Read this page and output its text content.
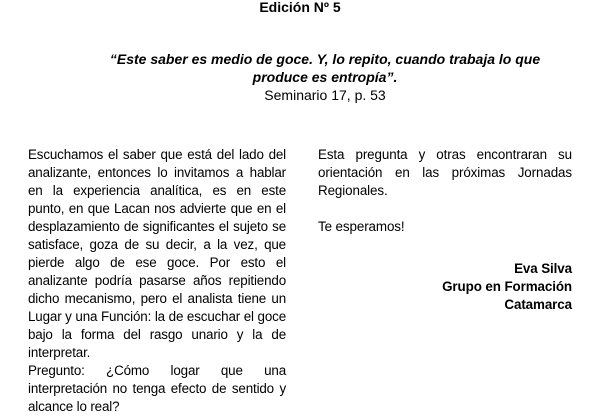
Edición Nº 5
“Este saber es medio de goce. Y, lo repito, cuando trabaja lo que produce es entropía”.
Seminario 17, p. 53

Escuchamos el saber que está del lado del analizante, entonces lo invitamos a hablar en la experiencia analítica, es en este punto, en que Lacan nos advierte que en el desplazamiento de significantes el sujeto se satisface, goza de su decir, a la vez, que pierde algo de ese goce. Por esto el analizante podría pasarse años repitiendo dicho mecanismo, pero el analista tiene un Lugar y una Función: la de escuchar el goce bajo la forma del rasgo unario y la de interpretar.

Pregunto: ¿Cómo logar que una interpretación no tenga efecto de sentido y alcance lo real?

Esta pregunta y otras encontraran su orientación en las próximas Jornadas Regionales.

Te esperamos!

Eva Silva
Grupo en Formación
Catamarca
